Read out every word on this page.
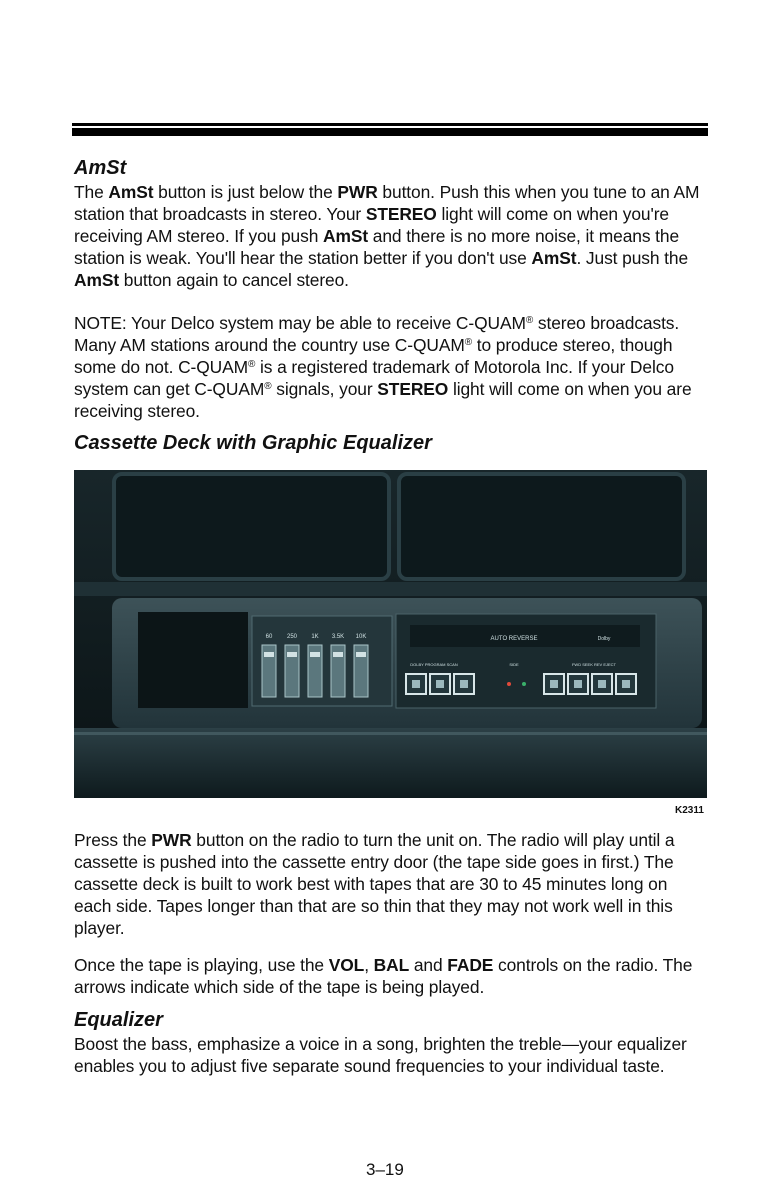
AmSt

The AmSt button is just below the PWR button. Push this when you tune to an AM station that broadcasts in stereo. Your STEREO light will come on when you're receiving AM stereo. If you push AmSt and there is no more noise, it means the station is weak. You'll hear the station better if you don't use AmSt. Just push the AmSt button again to cancel stereo.

NOTE: Your Delco system may be able to receive C-QUAM® stereo broadcasts. Many AM stations around the country use C-QUAM® to produce stereo, though some do not. C-QUAM® is a registered trademark of Motorola Inc. If your Delco system can get C-QUAM® signals, your STEREO light will come on when you are receiving stereo.

Cassette Deck with Graphic Equalizer
60 250 1K 3.5K 10K	AUTO REVERSE	Dolby
DOLBY PROGRAM SCAN	SIDE	FWD SEEK REV EJECT
K2311

Press the PWR button on the radio to turn the unit on. The radio will play until a cassette is pushed into the cassette entry door (the tape side goes in first.) The cassette deck is built to work best with tapes that are 30 to 45 minutes long on each side. Tapes longer than that are so thin that they may not work well in this player.

Once the tape is playing, use the VOL, BAL and FADE controls on the radio. The arrows indicate which side of the tape is being played.

Equalizer

Boost the bass, emphasize a voice in a song, brighten the treble—your equalizer enables you to adjust five separate sound frequencies to your individual taste.

3–19
